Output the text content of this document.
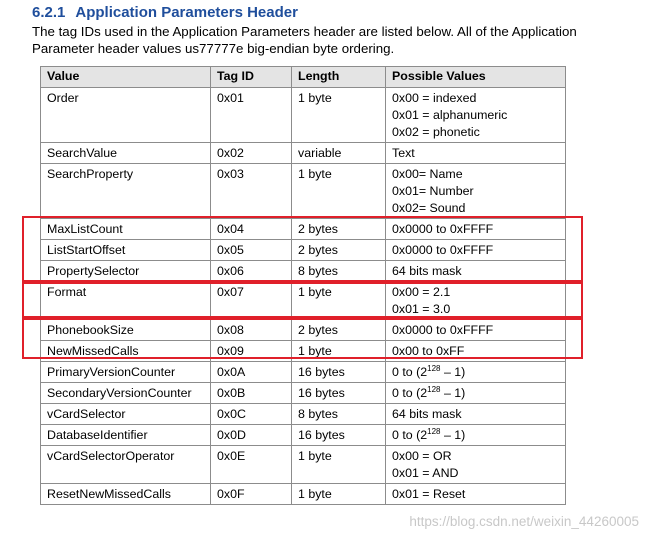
6.2.1 Application Parameters Header
The tag IDs used in the Application Parameters header are listed below. All of the Application
Parameter header values us77777e big-endian byte ordering.
Value	Tag ID	Length	Possible Values
Order	0x01	1 byte	0x00 = indexed
0x01 = alphanumeric
0x02 = phonetic

SearchValue	0x02	variable	Text

SearchProperty	0x03	1 byte	0x00= Name
0x01= Number
0x02= Sound

MaxListCount	0x04	2 bytes	0x0000 to 0xFFFF

ListStartOffset	0x05	2 bytes	0x0000 to 0xFFFF

PropertySelector	0x06	8 bytes	64 bits mask

Format	0x07	1 byte	0x00 = 2.1
0x01 = 3.0

PhonebookSize	0x08	2 bytes	0x0000 to 0xFFFF

NewMissedCalls	0x09	1 byte	0x00 to 0xFF

PrimaryVersionCounter	0x0A	16 bytes	0 to $(2^{128} - 1)$

SecondaryVersionCounter	0x0B	16 bytes	0 to $(2^{128} - 1)$

vCardSelector	0x0C	8 bytes	64 bits mask

DatabaseIdentifier	0x0D	16 bytes	0 to $(2^{128} - 1)$

vCardSelectorOperator	0x0E	1 byte	0x00 = OR
0x01 = AND

ResetNewMissedCalls	0x0F	1 byte	0x01 = Reset
https://blog.csdn.net/weixin_44260005
